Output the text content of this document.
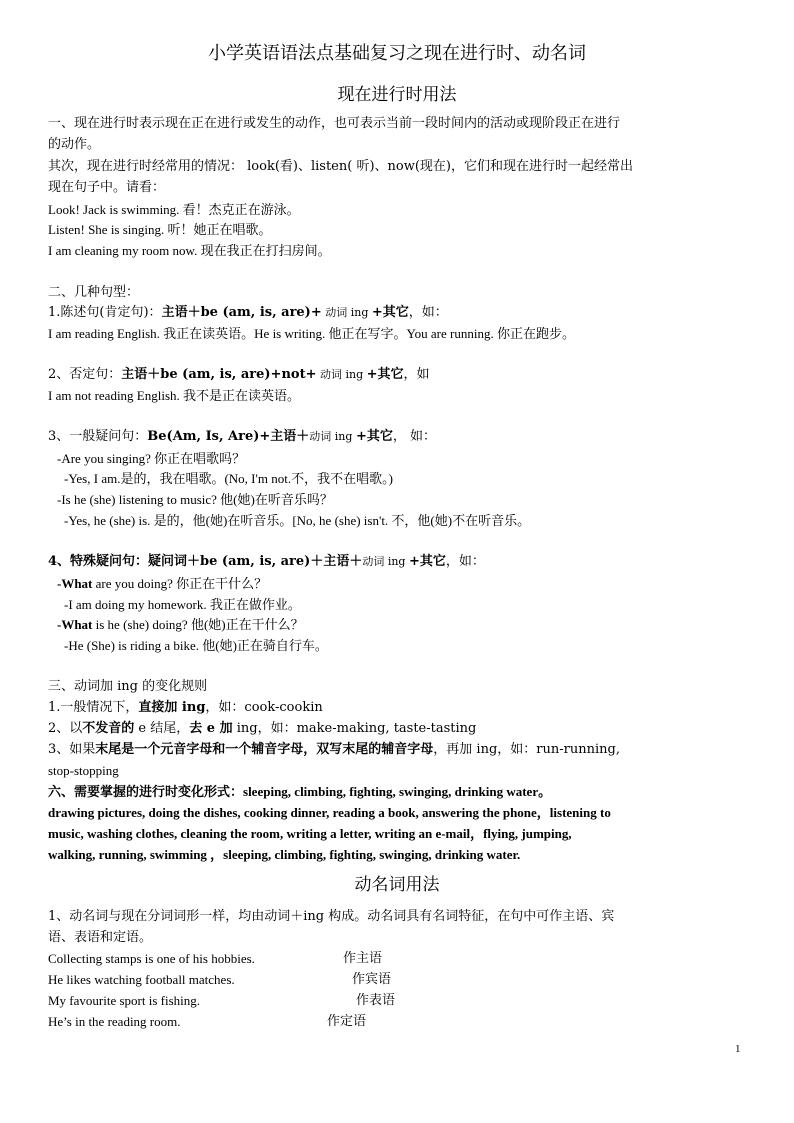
小学英语语法点基础复习之现在进行时、动名词
现在进行时用法
一、现在进行时表示现在正在进行或发生的动作，也可表示当前一段时间内的活动或现阶段正在进行
的动作。
其次，现在进行时经常用的情况： look(看)、listen( 听)、now(现在)，它们和现在进行时一起经常出
现在句子中。请看：
Look! Jack is swimming. 看！杰克正在游泳。
Listen! She is singing. 听！她正在唱歌。
I am cleaning my room now. 现在我正在打扫房间。
二、几种句型：
1.陈述句(肯定句)：主语＋be (am, is, are)+ 动词 ing +其它，如：
I am reading English. 我正在读英语。He is writing. 他正在写字。You are running. 你正在跑步。
2、否定句：主语＋be (am, is, are)+not+ 动词 ing +其它，如
I am not reading English. 我不是正在读英语。
3、一般疑问句：Be(Am, Is, Are)+主语＋动词 ing +其它， 如：
-Are you singing? 你正在唱歌吗？
-Yes, I am.是的，我在唱歌。(No, I'm not.不，我不在唱歌。)
-Is he (she) listening to music? 他(她)在听音乐吗？
-Yes, he (she) is. 是的，他(她)在听音乐。[No, he (she) isn't. 不，他(她)不在听音乐。
4、特殊疑问句：疑问词＋be (am, is, are)＋主语＋动词 ing +其它，如：
-What are you doing? 你正在干什么？
-I am doing my homework. 我正在做作业。
-What is he (she) doing? 他(她)正在干什么？
-He (She) is riding a bike. 他(她)正在骑自行车。
三、动词加 ing 的变化规则
1.一般情况下，直接加 ing，如：cook-cookin
2、以不发音的 e 结尾，去 e 加 ing，如：make-making, taste-tasting
3、如果末尾是一个元音字母和一个辅音字母，双写末尾的辅音字母，再加 ing，如：run-running,
stop-stopping
六、需要掌握的进行时变化形式：sleeping, climbing, fighting, swinging, drinking water。
drawing pictures, doing the dishes, cooking dinner, reading a book, answering the phone，listening to
music, washing clothes, cleaning the room, writing a letter, writing an e-mail，flying, jumping,
walking, running, swimming ，sleeping, climbing, fighting, swinging, drinking water.
动名词用法
1、动名词与现在分词词形一样，均由动词＋ing 构成。动名词具有名词特征，在句中可作主语、宾
语、表语和定语。
Collecting stamps is one of his hobbies.	作主语
He likes watching football matches.	作宾语
My favourite sport is fishing.	作表语
He’s in the reading room.	作定语
1
